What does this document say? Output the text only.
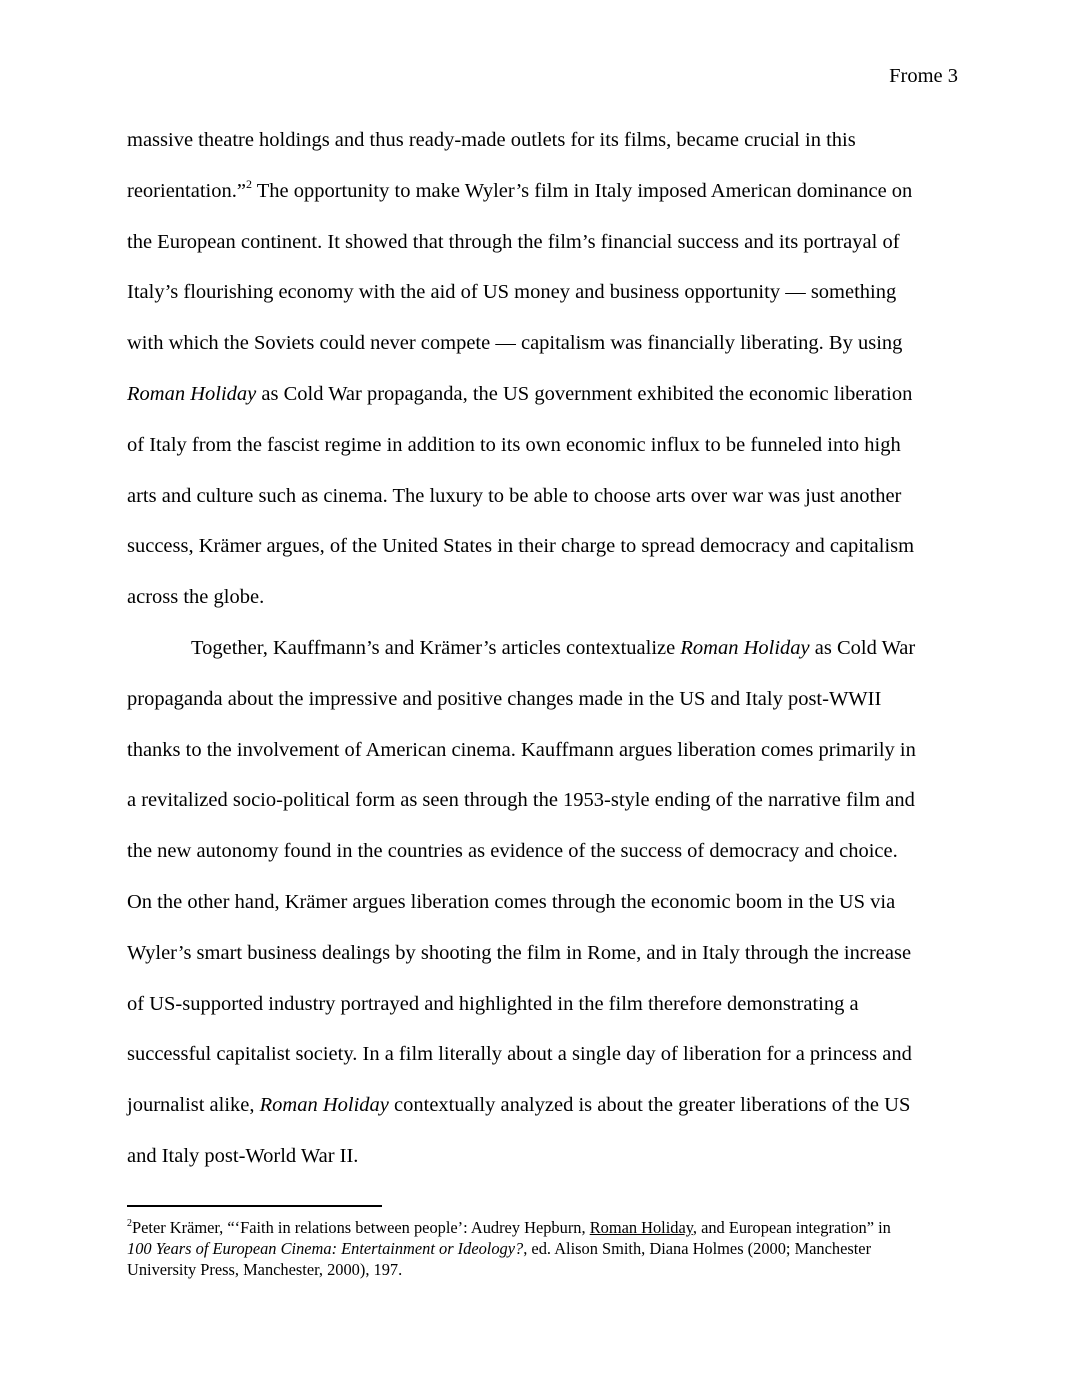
Frome 3
massive theatre holdings and thus ready-made outlets for its films, became crucial in this
reorientation.”$^2$ The opportunity to make Wyler’s film in Italy imposed American dominance on
the European continent. It showed that through the film’s financial success and its portrayal of
Italy’s flourishing economy with the aid of US money and business opportunity — something
with which the Soviets could never compete — capitalism was financially liberating. By using
Roman Holiday as Cold War propaganda, the US government exhibited the economic liberation
of Italy from the fascist regime in addition to its own economic influx to be funneled into high
arts and culture such as cinema. The luxury to be able to choose arts over war was just another
success, Krämer argues, of the United States in their charge to spread democracy and capitalism
across the globe.
Together, Kauffmann’s and Krämer’s articles contextualize Roman Holiday as Cold War
propaganda about the impressive and positive changes made in the US and Italy post-WWII
thanks to the involvement of American cinema. Kauffmann argues liberation comes primarily in
a revitalized socio-political form as seen through the 1953-style ending of the narrative film and
the new autonomy found in the countries as evidence of the success of democracy and choice.
On the other hand, Krämer argues liberation comes through the economic boom in the US via
Wyler’s smart business dealings by shooting the film in Rome, and in Italy through the increase
of US-supported industry portrayed and highlighted in the film therefore demonstrating a
successful capitalist society. In a film literally about a single day of liberation for a princess and
journalist alike, Roman Holiday contextually analyzed is about the greater liberations of the US
and Italy post-World War II.
$^2$Peter Krämer, “‘Faith in relations between people’: Audrey Hepburn, Roman Holiday, and European integration” in
100 Years of European Cinema: Entertainment or Ideology?, ed. Alison Smith, Diana Holmes (2000; Manchester
University Press, Manchester, 2000), 197.
